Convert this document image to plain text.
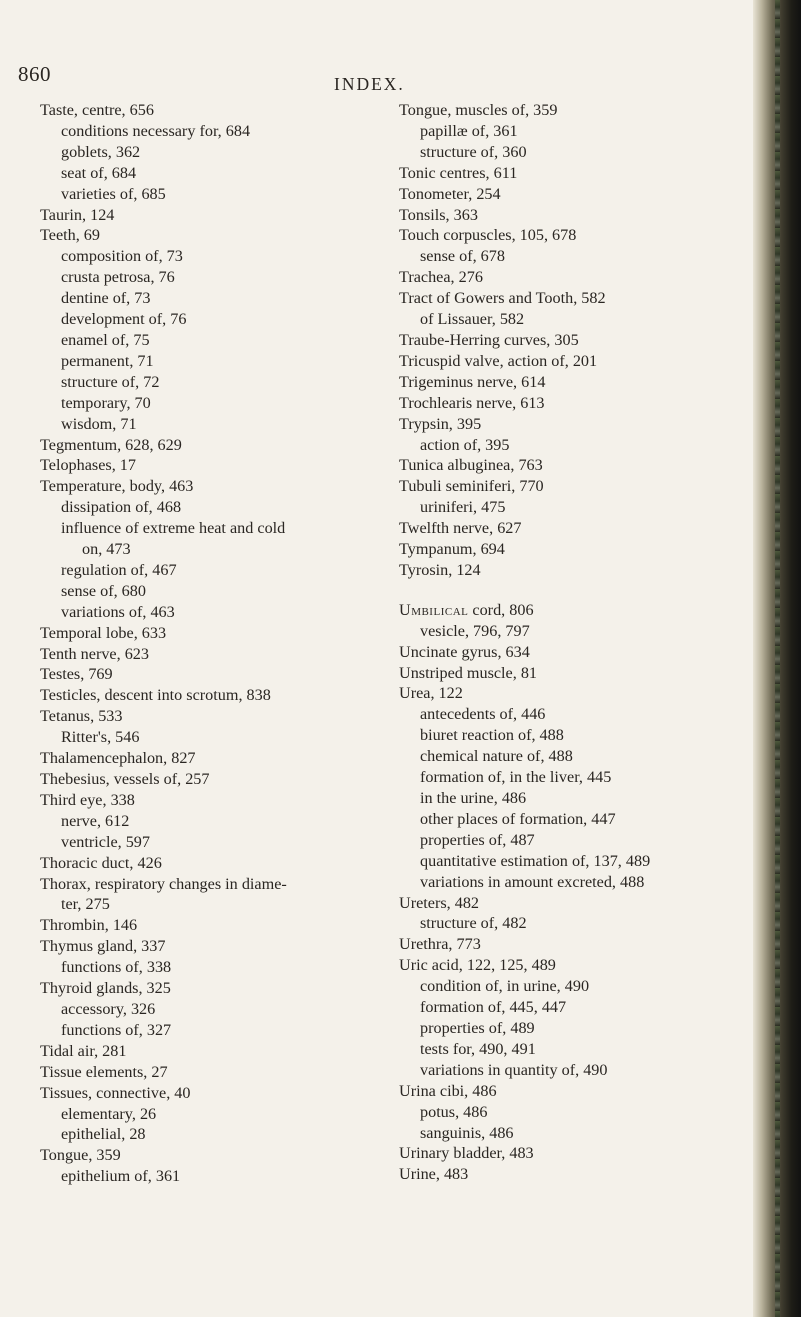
860	INDEX.
Taste, centre, 656
conditions necessary for, 684
goblets, 362
seat of, 684
varieties of, 685
Taurin, 124
Teeth, 69
composition of, 73
crusta petrosa, 76
dentine of, 73
development of, 76
enamel of, 75
permanent, 71
structure of, 72
temporary, 70
wisdom, 71
Tegmentum, 628, 629
Telophases, 17
Temperature, body, 463
dissipation of, 468
influence of extreme heat and cold
on, 473
regulation of, 467
sense of, 680
variations of, 463
Temporal lobe, 633
Tenth nerve, 623
Testes, 769
Testicles, descent into scrotum, 838
Tetanus, 533
Ritter's, 546
Thalamencephalon, 827
Thebesius, vessels of, 257
Third eye, 338
nerve, 612
ventricle, 597
Thoracic duct, 426
Thorax, respiratory changes in diame-
ter, 275
Thrombin, 146
Thymus gland, 337
functions of, 338
Thyroid glands, 325
accessory, 326
functions of, 327
Tidal air, 281
Tissue elements, 27
Tissues, connective, 40
elementary, 26
epithelial, 28
Tongue, 359
epithelium of, 361
Tongue, muscles of, 359
papillæ of, 361
structure of, 360
Tonic centres, 611
Tonometer, 254
Tonsils, 363
Touch corpuscles, 105, 678
sense of, 678
Trachea, 276
Tract of Gowers and Tooth, 582
of Lissauer, 582
Traube-Herring curves, 305
Tricuspid valve, action of, 201
Trigeminus nerve, 614
Trochlearis nerve, 613
Trypsin, 395
action of, 395
Tunica albuginea, 763
Tubuli seminiferi, 770
uriniferi, 475
Twelfth nerve, 627
Tympanum, 694
Tyrosin, 124
Umbilical cord, 806
vesicle, 796, 797
Uncinate gyrus, 634
Unstriped muscle, 81
Urea, 122
antecedents of, 446
biuret reaction of, 488
chemical nature of, 488
formation of, in the liver, 445
in the urine, 486
other places of formation, 447
properties of, 487
quantitative estimation of, 137, 489
variations in amount excreted, 488
Ureters, 482
structure of, 482
Urethra, 773
Uric acid, 122, 125, 489
condition of, in urine, 490
formation of, 445, 447
properties of, 489
tests for, 490, 491
variations in quantity of, 490
Urina cibi, 486
potus, 486
sanguinis, 486
Urinary bladder, 483
Urine, 483
